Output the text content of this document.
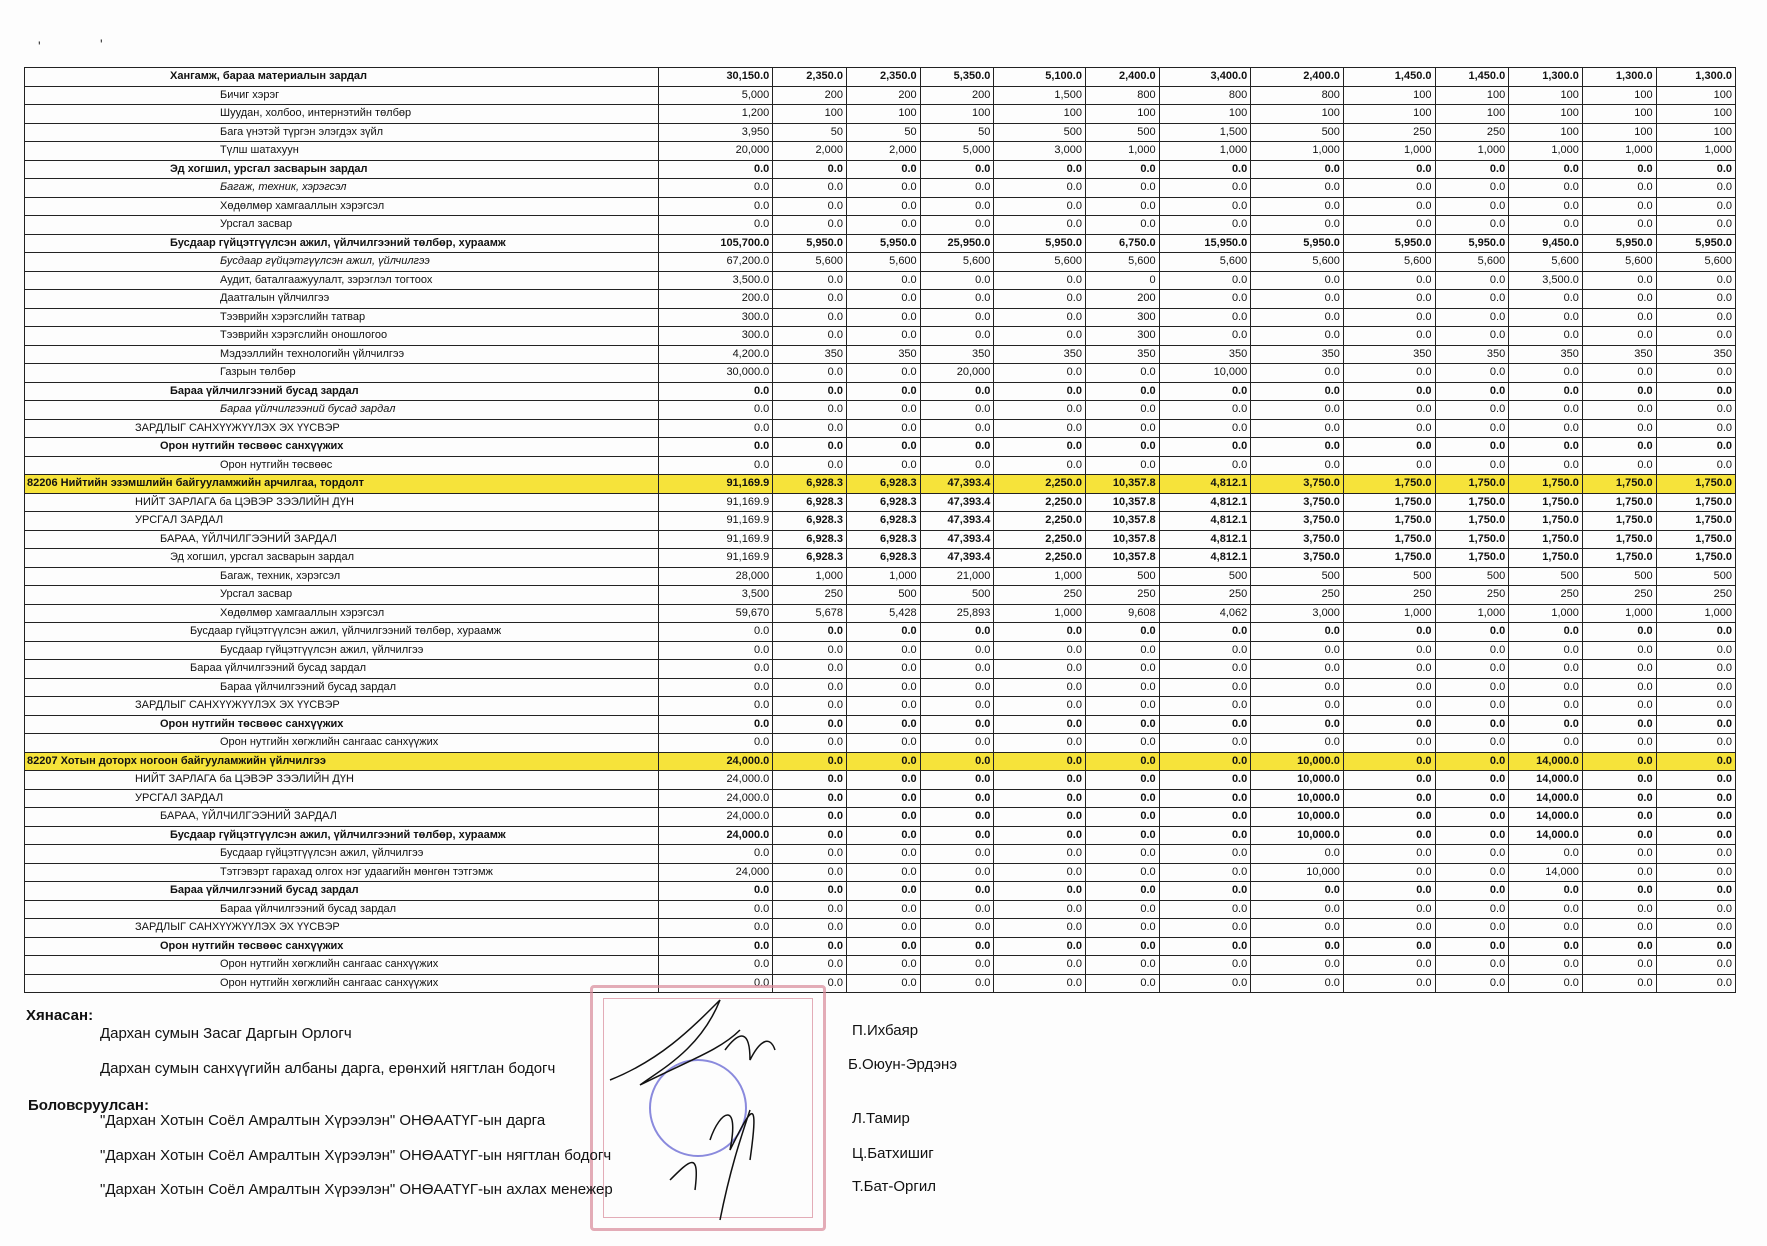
'	'
Хангамж, бараа материалын зардал	30,150.0	2,350.0	2,350.0	5,350.0	5,100.0	2,400.0	3,400.0	2,400.0	1,450.0	1,450.0	1,300.0	1,300.0	1,300.0
Бичиг хэрэг	5,000	200	200	200	1,500	800	800	800	100	100	100	100	100
Шуудан, холбоо, интернэтийн төлбөр	1,200	100	100	100	100	100	100	100	100	100	100	100	100
Бага үнэтэй түргэн элэгдэх зүйл	3,950	50	50	50	500	500	1,500	500	250	250	100	100	100
Түлш шатахуун	20,000	2,000	2,000	5,000	3,000	1,000	1,000	1,000	1,000	1,000	1,000	1,000	1,000
Эд хогшил, урсгал засварын зардал	0.0	0.0	0.0	0.0	0.0	0.0	0.0	0.0	0.0	0.0	0.0	0.0	0.0
Багаж, техник, хэрэгсэл	0.0	0.0	0.0	0.0	0.0	0.0	0.0	0.0	0.0	0.0	0.0	0.0	0.0
Хөдөлмөр хамгааллын хэрэгсэл	0.0	0.0	0.0	0.0	0.0	0.0	0.0	0.0	0.0	0.0	0.0	0.0	0.0
Урсгал засвар	0.0	0.0	0.0	0.0	0.0	0.0	0.0	0.0	0.0	0.0	0.0	0.0	0.0
Бусдаар гүйцэтгүүлсэн ажил, үйлчилгээний төлбөр, хураамж	105,700.0	5,950.0	5,950.0	25,950.0	5,950.0	6,750.0	15,950.0	5,950.0	5,950.0	5,950.0	9,450.0	5,950.0	5,950.0
Бусдаар гүйцэтгүүлсэн ажил, үйлчилгээ	67,200.0	5,600	5,600	5,600	5,600	5,600	5,600	5,600	5,600	5,600	5,600	5,600	5,600
Аудит, баталгаажуулалт, зэрэглэл тогтоох	3,500.0	0.0	0.0	0.0	0.0	0	0.0	0.0	0.0	0.0	3,500.0	0.0	0.0
Даатгалын үйлчилгээ	200.0	0.0	0.0	0.0	0.0	200	0.0	0.0	0.0	0.0	0.0	0.0	0.0
Тээврийн хэрэгслийн татвар	300.0	0.0	0.0	0.0	0.0	300	0.0	0.0	0.0	0.0	0.0	0.0	0.0
Тээврийн хэрэгслийн оношлогоо	300.0	0.0	0.0	0.0	0.0	300	0.0	0.0	0.0	0.0	0.0	0.0	0.0
Мэдээллийн технологийн үйлчилгээ	4,200.0	350	350	350	350	350	350	350	350	350	350	350	350
Газрын төлбөр	30,000.0	0.0	0.0	20,000	0.0	0.0	10,000	0.0	0.0	0.0	0.0	0.0	0.0
Бараа үйлчилгээний бусад зардал	0.0	0.0	0.0	0.0	0.0	0.0	0.0	0.0	0.0	0.0	0.0	0.0	0.0
Бараа үйлчилгээний бусад зардал	0.0	0.0	0.0	0.0	0.0	0.0	0.0	0.0	0.0	0.0	0.0	0.0	0.0
ЗАРДЛЫГ САНХҮҮЖҮҮЛЭХ ЭХ ҮҮСВЭР	0.0	0.0	0.0	0.0	0.0	0.0	0.0	0.0	0.0	0.0	0.0	0.0	0.0
Орон нутгийн төсвөөс санхүүжих	0.0	0.0	0.0	0.0	0.0	0.0	0.0	0.0	0.0	0.0	0.0	0.0	0.0
Орон нутгийн төсвөөс	0.0	0.0	0.0	0.0	0.0	0.0	0.0	0.0	0.0	0.0	0.0	0.0	0.0
82206 Нийтийн эзэмшлийн байгууламжийн арчилгаа, тордолт	91,169.9	6,928.3	6,928.3	47,393.4	2,250.0	10,357.8	4,812.1	3,750.0	1,750.0	1,750.0	1,750.0	1,750.0	1,750.0
НИЙТ ЗАРЛАГА ба ЦЭВЭР ЗЭЭЛИЙН ДҮН	91,169.9	6,928.3	6,928.3	47,393.4	2,250.0	10,357.8	4,812.1	3,750.0	1,750.0	1,750.0	1,750.0	1,750.0	1,750.0
УРСГАЛ ЗАРДАЛ	91,169.9	6,928.3	6,928.3	47,393.4	2,250.0	10,357.8	4,812.1	3,750.0	1,750.0	1,750.0	1,750.0	1,750.0	1,750.0
БАРАА, ҮЙЛЧИЛГЭЭНИЙ ЗАРДАЛ	91,169.9	6,928.3	6,928.3	47,393.4	2,250.0	10,357.8	4,812.1	3,750.0	1,750.0	1,750.0	1,750.0	1,750.0	1,750.0
Эд хогшил, урсгал засварын зардал	91,169.9	6,928.3	6,928.3	47,393.4	2,250.0	10,357.8	4,812.1	3,750.0	1,750.0	1,750.0	1,750.0	1,750.0	1,750.0
Багаж, техник, хэрэгсэл	28,000	1,000	1,000	21,000	1,000	500	500	500	500	500	500	500	500
Урсгал засвар	3,500	250	500	500	250	250	250	250	250	250	250	250	250
Хөдөлмөр хамгааллын хэрэгсэл	59,670	5,678	5,428	25,893	1,000	9,608	4,062	3,000	1,000	1,000	1,000	1,000	1,000
Бусдаар гүйцэтгүүлсэн ажил, үйлчилгээний төлбөр, хураамж	0.0	0.0	0.0	0.0	0.0	0.0	0.0	0.0	0.0	0.0	0.0	0.0	0.0
Бусдаар гүйцэтгүүлсэн ажил, үйлчилгээ	0.0	0.0	0.0	0.0	0.0	0.0	0.0	0.0	0.0	0.0	0.0	0.0	0.0
Бараа үйлчилгээний бусад зардал	0.0	0.0	0.0	0.0	0.0	0.0	0.0	0.0	0.0	0.0	0.0	0.0	0.0
Бараа үйлчилгээний бусад зардал	0.0	0.0	0.0	0.0	0.0	0.0	0.0	0.0	0.0	0.0	0.0	0.0	0.0
ЗАРДЛЫГ САНХҮҮЖҮҮЛЭХ ЭХ ҮҮСВЭР	0.0	0.0	0.0	0.0	0.0	0.0	0.0	0.0	0.0	0.0	0.0	0.0	0.0
Орон нутгийн төсвөөс санхүүжих	0.0	0.0	0.0	0.0	0.0	0.0	0.0	0.0	0.0	0.0	0.0	0.0	0.0
Орон нутгийн хөгжлийн сангаас санхүүжих	0.0	0.0	0.0	0.0	0.0	0.0	0.0	0.0	0.0	0.0	0.0	0.0	0.0
82207 Хотын доторх ногоон байгууламжийн үйлчилгээ	24,000.0	0.0	0.0	0.0	0.0	0.0	0.0	10,000.0	0.0	0.0	14,000.0	0.0	0.0
НИЙТ ЗАРЛАГА ба ЦЭВЭР ЗЭЭЛИЙН ДҮН	24,000.0	0.0	0.0	0.0	0.0	0.0	0.0	10,000.0	0.0	0.0	14,000.0	0.0	0.0
УРСГАЛ ЗАРДАЛ	24,000.0	0.0	0.0	0.0	0.0	0.0	0.0	10,000.0	0.0	0.0	14,000.0	0.0	0.0
БАРАА, ҮЙЛЧИЛГЭЭНИЙ ЗАРДАЛ	24,000.0	0.0	0.0	0.0	0.0	0.0	0.0	10,000.0	0.0	0.0	14,000.0	0.0	0.0
Бусдаар гүйцэтгүүлсэн ажил, үйлчилгээний төлбөр, хураамж	24,000.0	0.0	0.0	0.0	0.0	0.0	0.0	10,000.0	0.0	0.0	14,000.0	0.0	0.0
Бусдаар гүйцэтгүүлсэн ажил, үйлчилгээ	0.0	0.0	0.0	0.0	0.0	0.0	0.0	0.0	0.0	0.0	0.0	0.0	0.0
Тэтгэвэрт гарахад олгох нэг удаагийн мөнгөн тэтгэмж	24,000	0.0	0.0	0.0	0.0	0.0	0.0	10,000	0.0	0.0	14,000	0.0	0.0
Бараа үйлчилгээний бусад зардал	0.0	0.0	0.0	0.0	0.0	0.0	0.0	0.0	0.0	0.0	0.0	0.0	0.0
Бараа үйлчилгээний бусад зардал	0.0	0.0	0.0	0.0	0.0	0.0	0.0	0.0	0.0	0.0	0.0	0.0	0.0
ЗАРДЛЫГ САНХҮҮЖҮҮЛЭХ ЭХ ҮҮСВЭР	0.0	0.0	0.0	0.0	0.0	0.0	0.0	0.0	0.0	0.0	0.0	0.0	0.0
Орон нутгийн төсвөөс санхүүжих	0.0	0.0	0.0	0.0	0.0	0.0	0.0	0.0	0.0	0.0	0.0	0.0	0.0
Орон нутгийн хөгжлийн сангаас санхүүжих	0.0	0.0	0.0	0.0	0.0	0.0	0.0	0.0	0.0	0.0	0.0	0.0	0.0
Орон нутгийн хөгжлийн сангаас санхүүжих	0.0	0.0	0.0	0.0	0.0	0.0	0.0	0.0	0.0	0.0	0.0	0.0	0.0
Хянасан:
Дархан сумын Засаг Даргын Орлогч	П.Ихбаяр
Дархан сумын санхүүгийн албаны дарга, ерөнхий нягтлан бодогч	Б.Оюун-Эрдэнэ
Боловсруулсан:
"Дархан Хотын Соёл Амралтын Хүрээлэн" ОНӨААТҮГ-ын дарга	Л.Тамир
"Дархан Хотын Соёл Амралтын Хүрээлэн" ОНӨААТҮГ-ын нягтлан бодогч	Ц.Батхишиг
"Дархан Хотын Соёл Амралтын Хүрээлэн" ОНӨААТҮГ-ын ахлах менежер	Т.Бат-Оргил
